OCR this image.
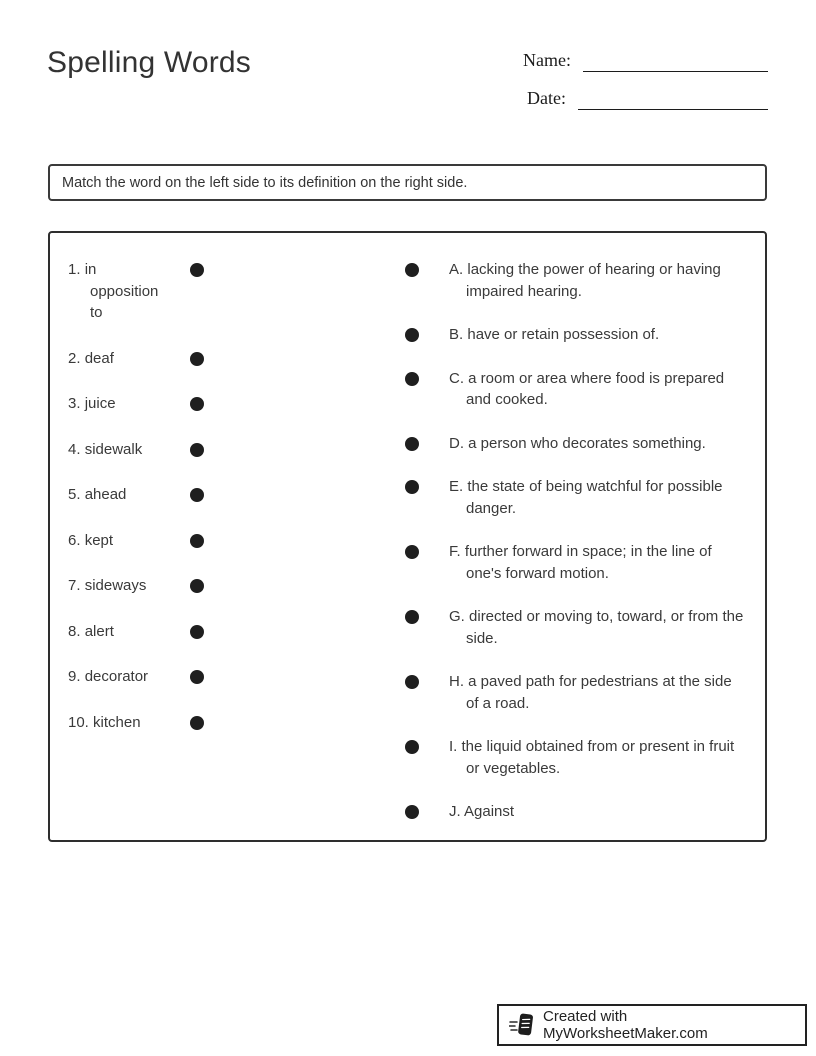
Spelling Words	Name:
Date:
Match the word on the left side to its definition on the right side.
1. in opposition to
2. deaf
3. juice
4. sidewalk
5. ahead
6. kept
7. sideways
8. alert
9. decorator
10. kitchen
A. lacking the power of hearing or having impaired hearing.
B. have or retain possession of.
C. a room or area where food is prepared and cooked.
D. a person who decorates something.
E. the state of being watchful for possible danger.
F. further forward in space; in the line of one's forward motion.
G. directed or moving to, toward, or from the side.
H. a paved path for pedestrians at the side of a road.
I. the liquid obtained from or present in fruit or vegetables.
J. Against
Created with MyWorksheetMaker.com
